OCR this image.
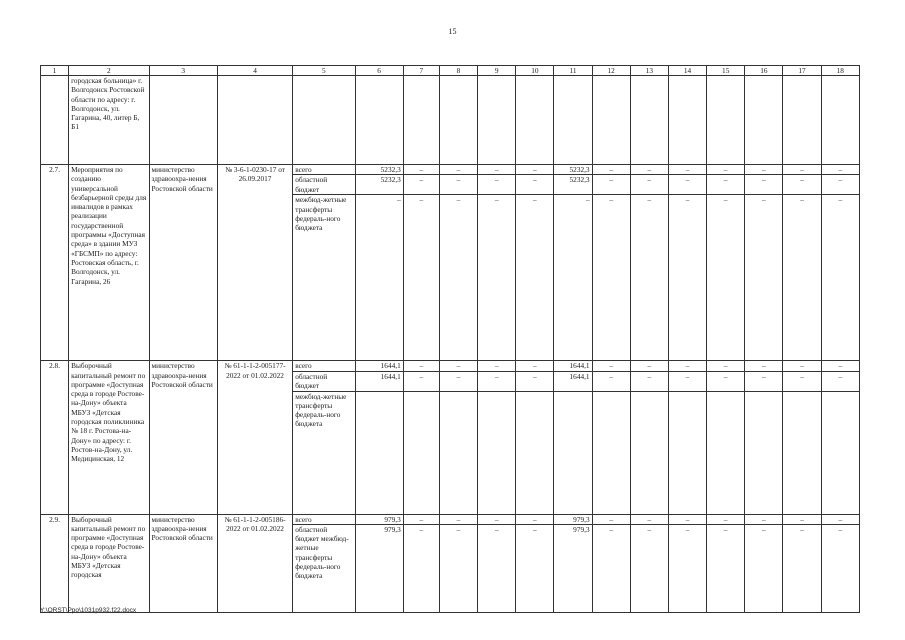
15
1	2	3	4	5	6	7	8	9	10	11	12	13	14	15	16	17	18
	городская больница» г. Волгодонск Ростовской области по адресу: г. Волгодонск, ул. Гагарина, 40, литер Б, Б1																
2.7.	Мероприятия по созданию универсальной безбарьерной среды для инвалидов в рамках реализации государственной программы «Доступная среда» в здании МУЗ «ГБСМП» по адресу: Ростовская область, г. Волгодонск, ул. Гагарина, 26	министерство здравоохра-нения Ростовской области	№ 3-6-1-0230-17 от 26.09.2017	всего	5232,3	–	–	–	–	5232,3	–	–	–	–	–	–	–
				областной бюджет	5232,3	–	–	–	–	5232,3	–	–	–	–	–	–	–
				межбюд-жетные трансферты федераль-ного бюджета	–	–	–	–	–	–	–	–	–	–	–	–	–
2.8.	Выборочный капитальный ремонт по программе «Доступная среда в городе Ростове-на-Дону» объекта МБУЗ «Детская городская поликлиника № 18 г. Ростова-на-Дону» по адресу: г. Ростов-на-Дону, ул. Медицинская, 12	министерство здравоохра-нения Ростовской области	№ 61-1-1-2-005177-2022 от 01.02.2022	всего	1644,1	–	–	–	–	1644,1	–	–	–	–	–	–	–
				областной бюджет	1644,1	–	–	–	–	1644,1	–	–	–	–	–	–	–
				межбюд-жетные трансферты федераль-ного бюджета													
2.9.	Выборочный капитальный ремонт по программе «Доступная среда в городе Ростове-на-Дону» объекта МБУЗ «Детская городская	министерство здравоохра-нения Ростовской области	№ 61-1-1-2-005186-2022 от 01.02.2022	всего	979,3	–	–	–	–	979,3	–	–	–	–	–	–	–
				областной бюджет межбюд-жетные трансферты федераль-ного бюджета	979,3	–	–	–	–	979,3	–	–	–	–	–	–	–
Y:\ORST\Ppo\1031p932.f22.docx
